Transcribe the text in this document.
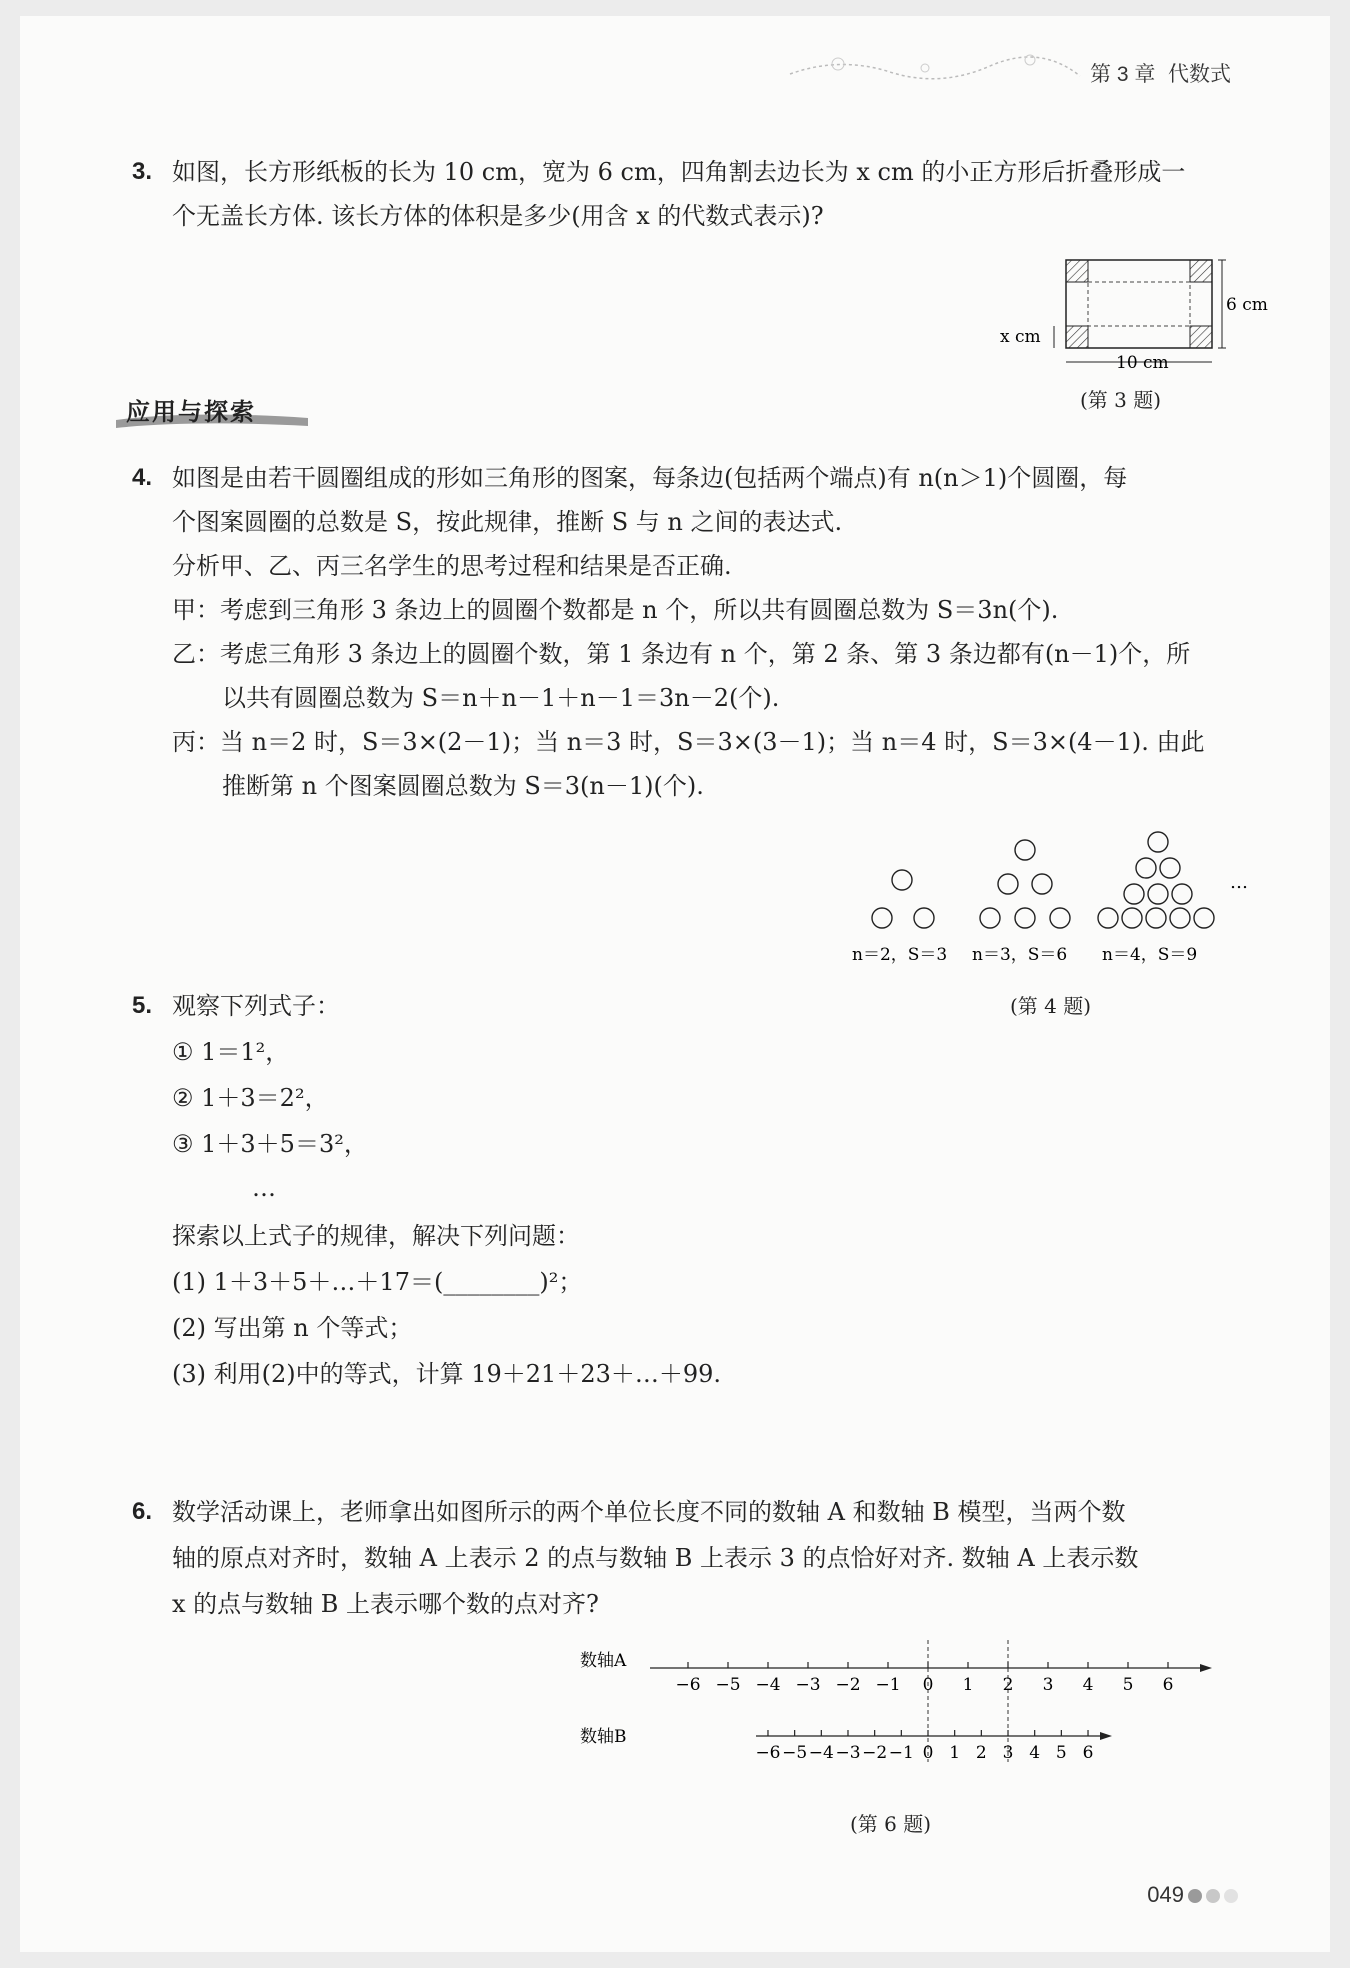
第 3 章 代数式
3. 如图，长方形纸板的长为 10 cm，宽为 6 cm，四角割去边长为 x cm 的小正方形后折叠形成一
个无盖长方体. 该长方体的体积是多少(用含 x 的代数式表示)?
6 cm
10 cm
x cm
(第 3 题)
应用与探索
4. 如图是由若干圆圈组成的形如三角形的图案，每条边(包括两个端点)有 n(n＞1)个圆圈，每
个图案圆圈的总数是 S，按此规律，推断 S 与 n 之间的表达式.
分析甲、乙、丙三名学生的思考过程和结果是否正确.
甲：考虑到三角形 3 条边上的圆圈个数都是 n 个，所以共有圆圈总数为 S＝3n(个).
乙：考虑三角形 3 条边上的圆圈个数，第 1 条边有 n 个，第 2 条、第 3 条边都有(n－1)个，所
以共有圆圈总数为 S＝n＋n－1＋n－1＝3n－2(个).
丙：当 n＝2 时，S＝3×(2－1)；当 n＝3 时，S＝3×(3－1)；当 n＝4 时，S＝3×(4－1). 由此
推断第 n 个图案圆圈总数为 S＝3(n－1)(个).
…
n＝2，S＝3 n＝3，S＝6 n＝4，S＝9
(第 4 题)
5. 观察下列式子：
① 1＝1²，
② 1＋3＝2²，
③ 1＋3＋5＝3²，
…
探索以上式子的规律，解决下列问题：
(1) 1＋3＋5＋…＋17＝(________)²；
(2) 写出第 n 个等式；
(3) 利用(2)中的等式，计算 19＋21＋23＋…＋99.
6. 数学活动课上，老师拿出如图所示的两个单位长度不同的数轴 A 和数轴 B 模型，当两个数
轴的原点对齐时，数轴 A 上表示 2 的点与数轴 B 上表示 3 的点恰好对齐. 数轴 A 上表示数
x 的点与数轴 B 上表示哪个数的点对齐?
数轴A
数轴B
−6 −5 −4 −3 −2 −1 0 1 2 3 4 5 6
−6 −5 −4 −3 −2 −1 0 1 2 3 4 5 6
(第 6 题)
049
